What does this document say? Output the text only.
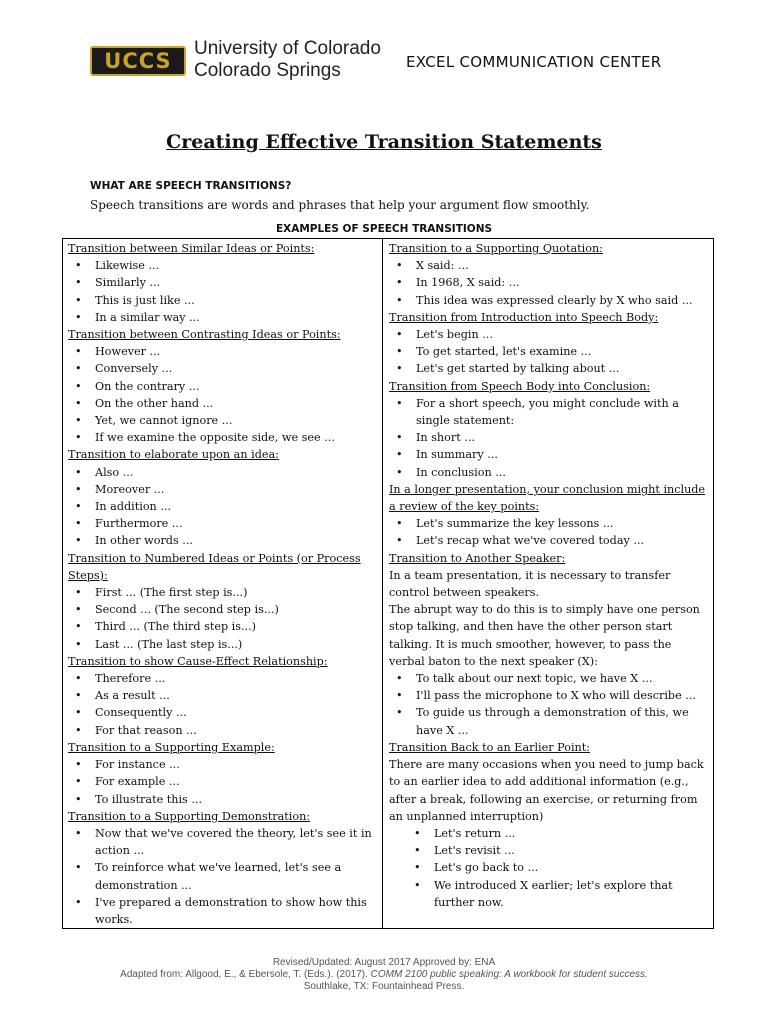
UCCS
University of Colorado
Colorado Springs	EXCEL COMMUNICATION CENTER
Creating Effective Transition Statements
WHAT ARE SPEECH TRANSITIONS?
Speech transitions are words and phrases that help your argument flow smoothly.
EXAMPLES OF SPEECH TRANSITIONS
Transition between Similar Ideas or Points:
• Likewise ...
• Similarly ...
• This is just like ...
• In a similar way ...
Transition between Contrasting Ideas or Points:
• However ...
• Conversely ...
• On the contrary ...
• On the other hand ...
• Yet, we cannot ignore ...
• If we examine the opposite side, we see ...
Transition to elaborate upon an idea:
• Also ...
• Moreover ...
• In addition ...
• Furthermore ...
• In other words ...
Transition to Numbered Ideas or Points (or Process Steps):
• First ... (The first step is...)
• Second ... (The second step is...)
• Third ... (The third step is...)
• Last ... (The last step is...)
Transition to show Cause-Effect Relationship:
• Therefore ...
• As a result ...
• Consequently ...
• For that reason ...
Transition to a Supporting Example:
• For instance ...
• For example ...
• To illustrate this ...
Transition to a Supporting Demonstration:
• Now that we've covered the theory, let's see it in action ...
• To reinforce what we've learned, let's see a demonstration ...
• I've prepared a demonstration to show how this works.
Transition to a Supporting Quotation:
• X said: ...
• In 1968, X said: ...
• This idea was expressed clearly by X who said ...
Transition from Introduction into Speech Body:
• Let's begin ...
• To get started, let's examine ...
• Let's get started by talking about ...
Transition from Speech Body into Conclusion:
• For a short speech, you might conclude with a single statement:
• In short ...
• In summary ...
• In conclusion ...
In a longer presentation, your conclusion might include a review of the key points:
• Let's summarize the key lessons ...
• Let's recap what we've covered today ...
Transition to Another Speaker:
In a team presentation, it is necessary to transfer control between speakers.
The abrupt way to do this is to simply have one person stop talking, and then have the other person start talking. It is much smoother, however, to pass the verbal baton to the next speaker (X):
• To talk about our next topic, we have X ...
• I'll pass the microphone to X who will describe ...
• To guide us through a demonstration of this, we have X ...
Transition Back to an Earlier Point:
There are many occasions when you need to jump back to an earlier idea to add additional information (e.g., after a break, following an exercise, or returning from an unplanned interruption)
• Let's return ...
• Let's revisit ...
• Let's go back to ...
• We introduced X earlier; let's explore that further now.
Revised/Updated: August 2017 Approved by: ENA
Adapted from: Allgood, E., & Ebersole, T. (Eds.). (2017). COMM 2100 public speaking: A workbook for student success.
Southlake, TX: Fountainhead Press.
